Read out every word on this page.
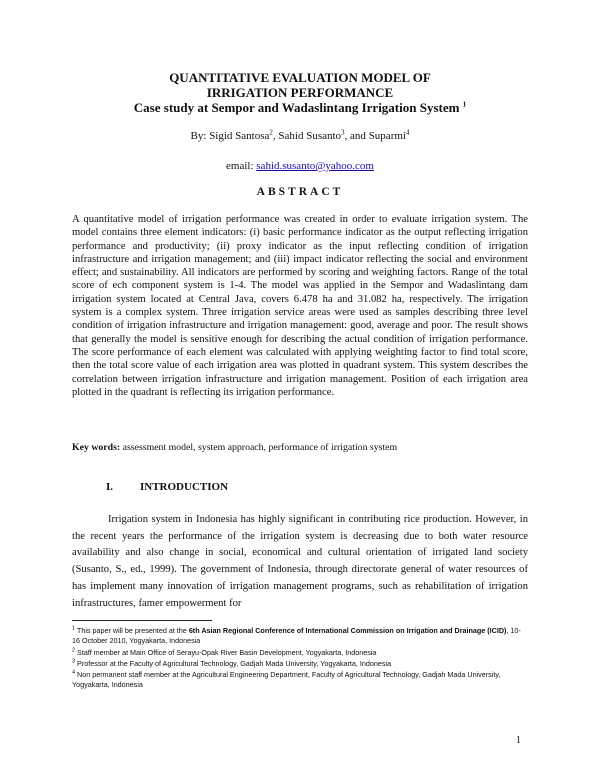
QUANTITATIVE EVALUATION MODEL OF
IRRIGATION PERFORMANCE
Case study at Sempor and Wadaslintang Irrigation System $^1$
By: Sigid Santosa$^2$, Sahid Susanto$^3$, and Suparmi$^4$
email: sahid.susanto@yahoo.com
ABSTRACT
A quantitative model of irrigation performance was created in order to evaluate irrigation system. The model contains three element indicators: (i) basic performance indicator as the output reflecting irrigation performance and productivity; (ii) proxy indicator as the input reflecting condition of irrigation infrastructure and irrigation management; and (iii) impact indicator reflecting the social and environment effect; and sustainability. All indicators are performed by scoring and weighting factors. Range of the total score of ech component system is 1-4. The model was applied in the Sempor and Wadaslintang dam irrigation system located at Central Java, covers 6.478 ha and 31.082 ha, respectively. The irrigation system is a complex system. Three irrigation service areas were used as samples describing three level condition of irrigation infrastructure and irrigation management: good, average and poor. The result shows that generally the model is sensitive enough for describing the actual condition of irrigation performance. The score performance of each element was calculated with applying weighting factor to find total score, then the total score value of each irrigation area was plotted in quadrant system. This system describes the correlation between irrigation infrastructure and irrigation management. Position of each irrigation area plotted in the quadrant is reflecting its irrigation performance.
Key words: assessment model, system approach, performance of irrigation system
I. INTRODUCTION
Irrigation system in Indonesia has highly significant in contributing rice production. However, in the recent years the performance of the irrigation system is decreasing due to both water resource availability and also change in social, economical and cultural orientation of irrigated land society (Susanto, S., ed., 1999). The government of Indonesia, through directorate general of water resources of has implement many innovation of irrigation management programs, such as rehabilitation of irrigation infrastructures, famer empowerment for
$^1$ This paper will be presented at the 6th Asian Regional Conference of International Commission on Irrigation and Drainage (ICID), 10-16 October 2010, Yogyakarta, Indonesia
$^2$ Staff member at Main Office of Serayu-Opak River Basin Development, Yogyakarta, Indonesia
$^3$ Professor at the Faculty of Agricultural Technology, Gadjah Mada University, Yogyakarta, Indonesia
$^4$ Non permanent staff member at the Agricultural Engineering Department, Faculty of Agricultural Technology, Gadjah Mada University, Yogyakarta, Indonesia
1
